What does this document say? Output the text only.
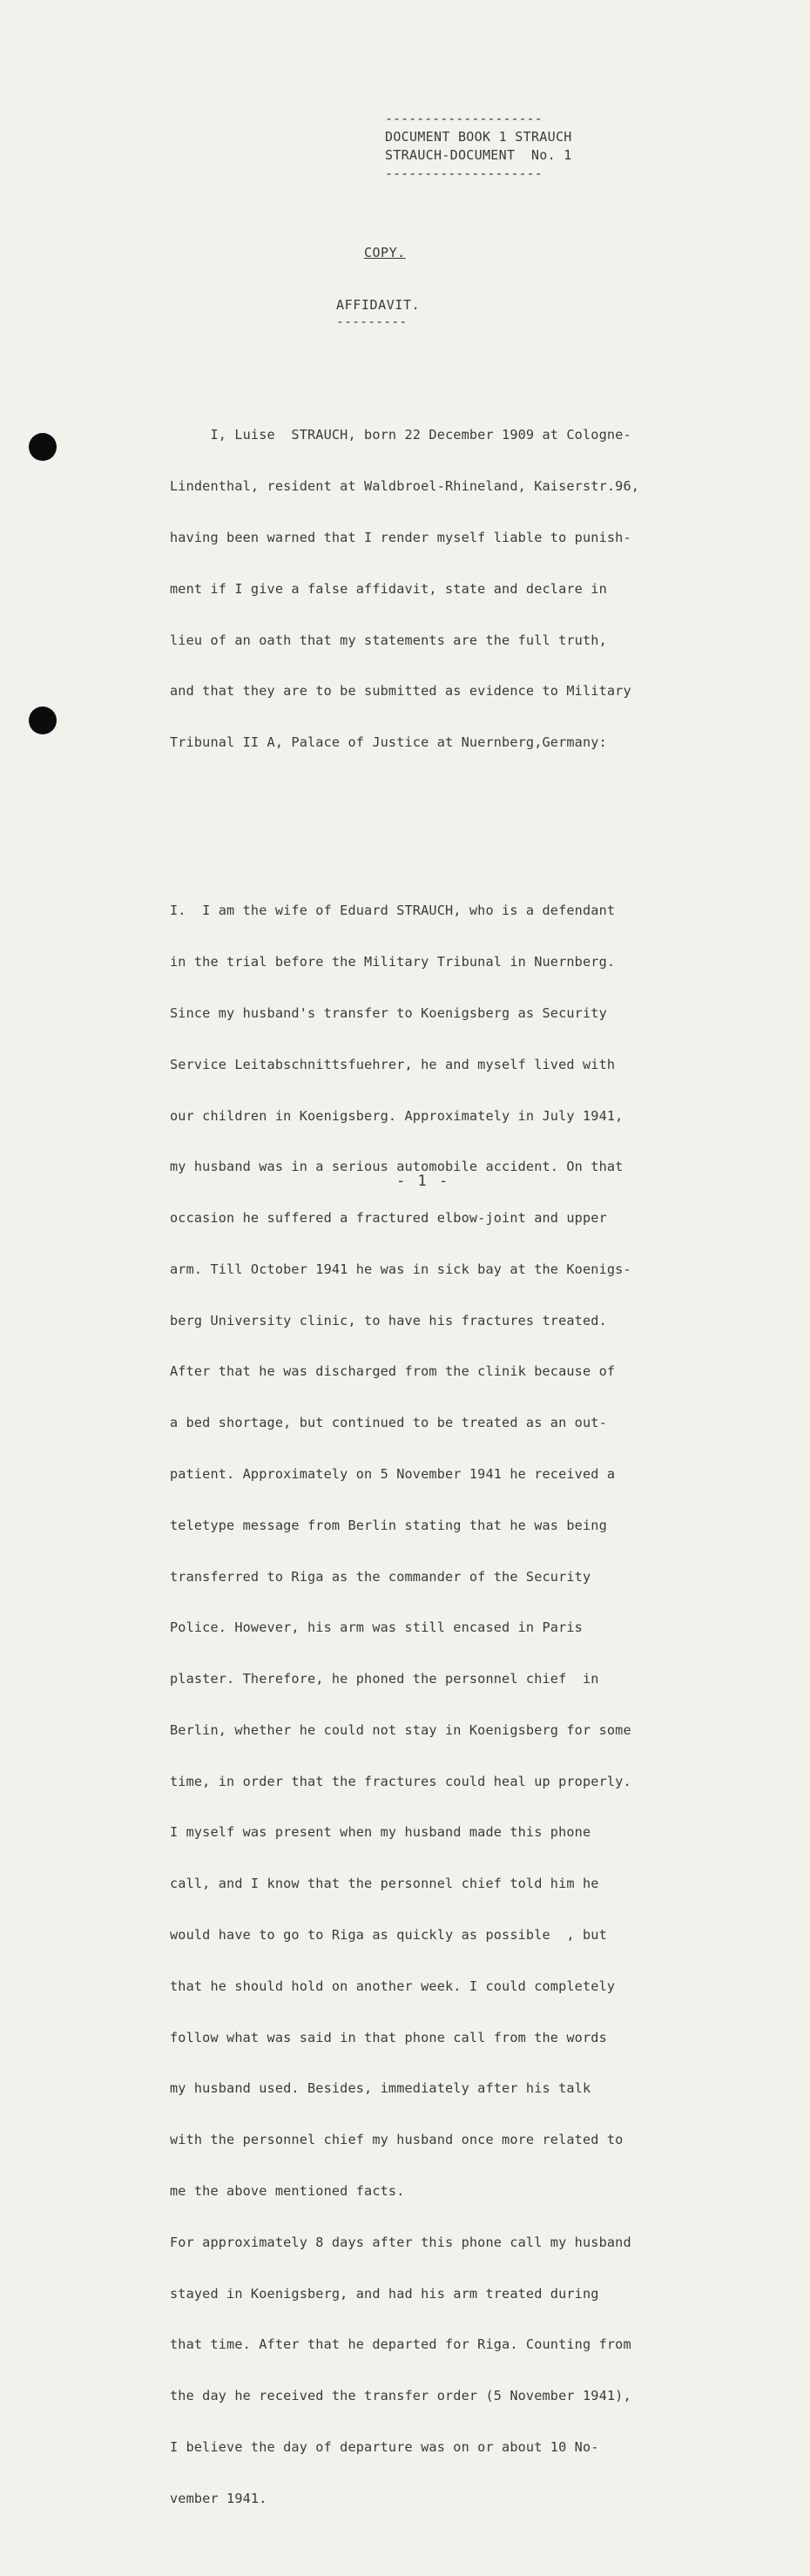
--------------------
DOCUMENT BOOK 1 STRAUCH
STRAUCH-DOCUMENT  No. 1
--------------------
COPY.
AFFIDAVIT.
---------

I, Luise  STRAUCH, born 22 December 1909 at Cologne-

Lindenthal, resident at Waldbroel-Rhineland, Kaiserstr.96,

having been warned that I render myself liable to punish-

ment if I give a false affidavit, state and declare in

lieu of an oath that my statements are the full truth,

and that they are to be submitted as evidence to Military

Tribunal II A, Palace of Justice at Nuernberg,Germany:

I.  I am the wife of Eduard STRAUCH, who is a defendant

in the trial before the Military Tribunal in Nuernberg.

Since my husband's transfer to Koenigsberg as Security

Service Leitabschnittsfuehrer, he and myself lived with

our children in Koenigsberg. Approximately in July 1941,

my husband was in a serious automobile accident. On that

occasion he suffered a fractured elbow-joint and upper

arm. Till October 1941 he was in sick bay at the Koenigs-

berg University clinic, to have his fractures treated.

After that he was discharged from the clinik because of

a bed shortage, but continued to be treated as an out-

patient. Approximately on 5 November 1941 he received a

teletype message from Berlin stating that he was being

transferred to Riga as the commander of the Security

Police. However, his arm was still encased in Paris

plaster. Therefore, he phoned the personnel chief  in

Berlin, whether he could not stay in Koenigsberg for some

time, in order that the fractures could heal up properly.

I myself was present when my husband made this phone

call, and I know that the personnel chief told him he

would have to go to Riga as quickly as possible  , but

that he should hold on another week. I could completely

follow what was said in that phone call from the words

my husband used. Besides, immediately after his talk

with the personnel chief my husband once more related to

me the above mentioned facts.

For approximately 8 days after this phone call my husband

stayed in Koenigsberg, and had his arm treated during

that time. After that he departed for Riga. Counting from

the day he received the transfer order (5 November 1941),

I believe the day of departure was on or about 10 No-

vember 1941.

- 1 -
